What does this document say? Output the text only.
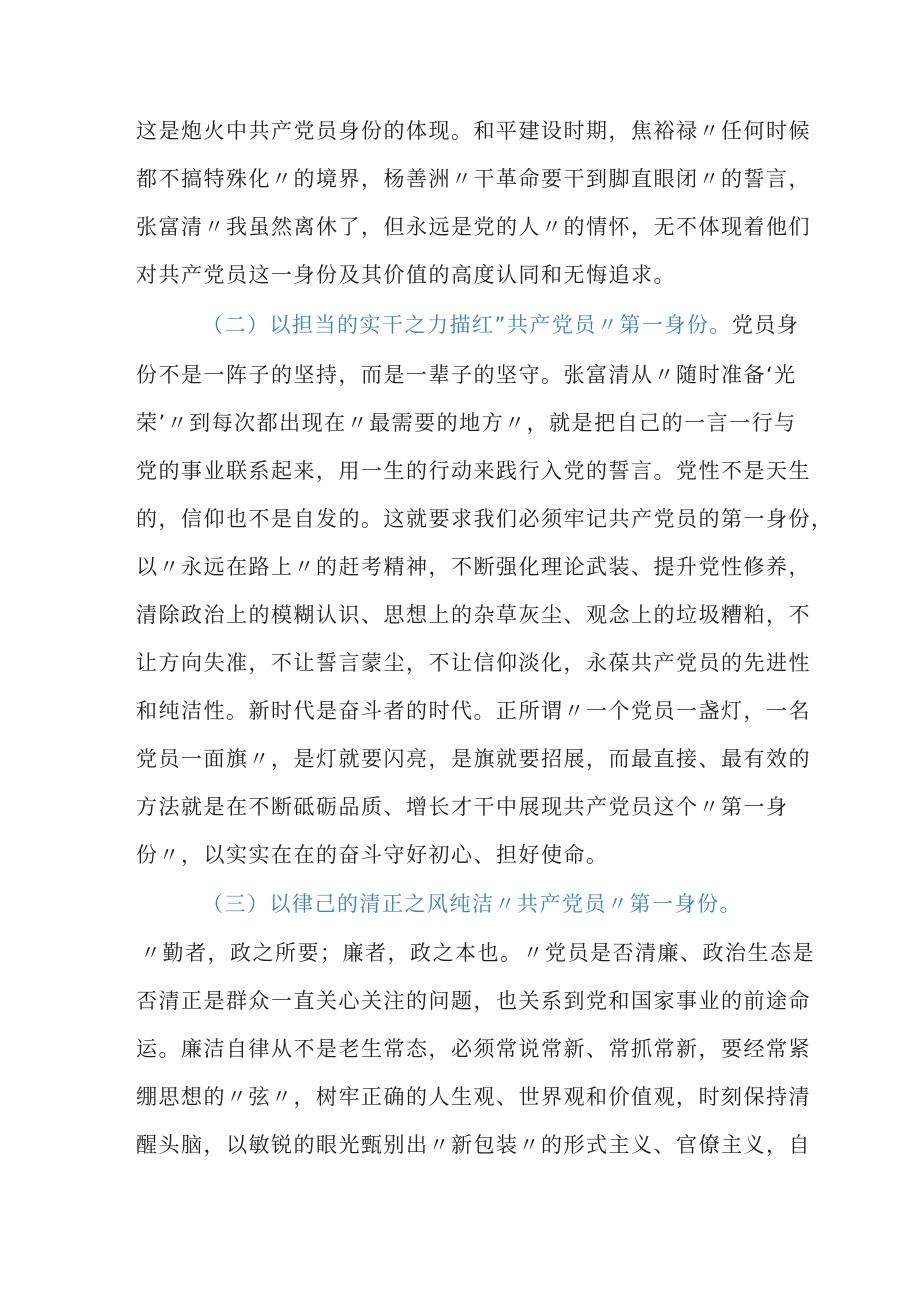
这是炮火中共产党员身份的体现。和平建设时期，焦裕禄〃任何时候
都不搞特殊化〃的境界，杨善洲〃干革命要干到脚直眼闭〃的誓言，
张富清〃我虽然离休了，但永远是党的人〃的情怀，无不体现着他们
对共产党员这一身份及其价值的高度认同和无悔追求。
（二）以担当的实干之力描红”共产党员〃第一身份。党员身
份不是一阵子的坚持，而是一辈子的坚守。张富清从〃随时准备‘光
荣’〃到每次都出现在〃最需要的地方〃，就是把自己的一言一行与
党的事业联系起来，用一生的行动来践行入党的誓言。党性不是天生
的，信仰也不是自发的。这就要求我们必须牢记共产党员的第一身份，
以〃永远在路上〃的赶考精神，不断强化理论武装、提升党性修养，
清除政治上的模糊认识、思想上的杂草灰尘、观念上的垃圾糟粕，不
让方向失准，不让誓言蒙尘，不让信仰淡化，永葆共产党员的先进性
和纯洁性。新时代是奋斗者的时代。正所谓〃一个党员一盏灯，一名
党员一面旗〃，是灯就要闪亮，是旗就要招展，而最直接、最有效的
方法就是在不断砥砺品质、增长才干中展现共产党员这个〃第一身
份〃，以实实在在的奋斗守好初心、担好使命。
（三）以律己的清正之风纯洁〃共产党员〃第一身份。
〃勤者，政之所要；廉者，政之本也。〃党员是否清廉、政治生态是
否清正是群众一直关心关注的问题，也关系到党和国家事业的前途命
运。廉洁自律从不是老生常态，必须常说常新、常抓常新，要经常紧
绷思想的〃弦〃，树牢正确的人生观、世界观和价值观，时刻保持清
醒头脑，以敏锐的眼光甄别出〃新包装〃的形式主义、官僚主义，自
